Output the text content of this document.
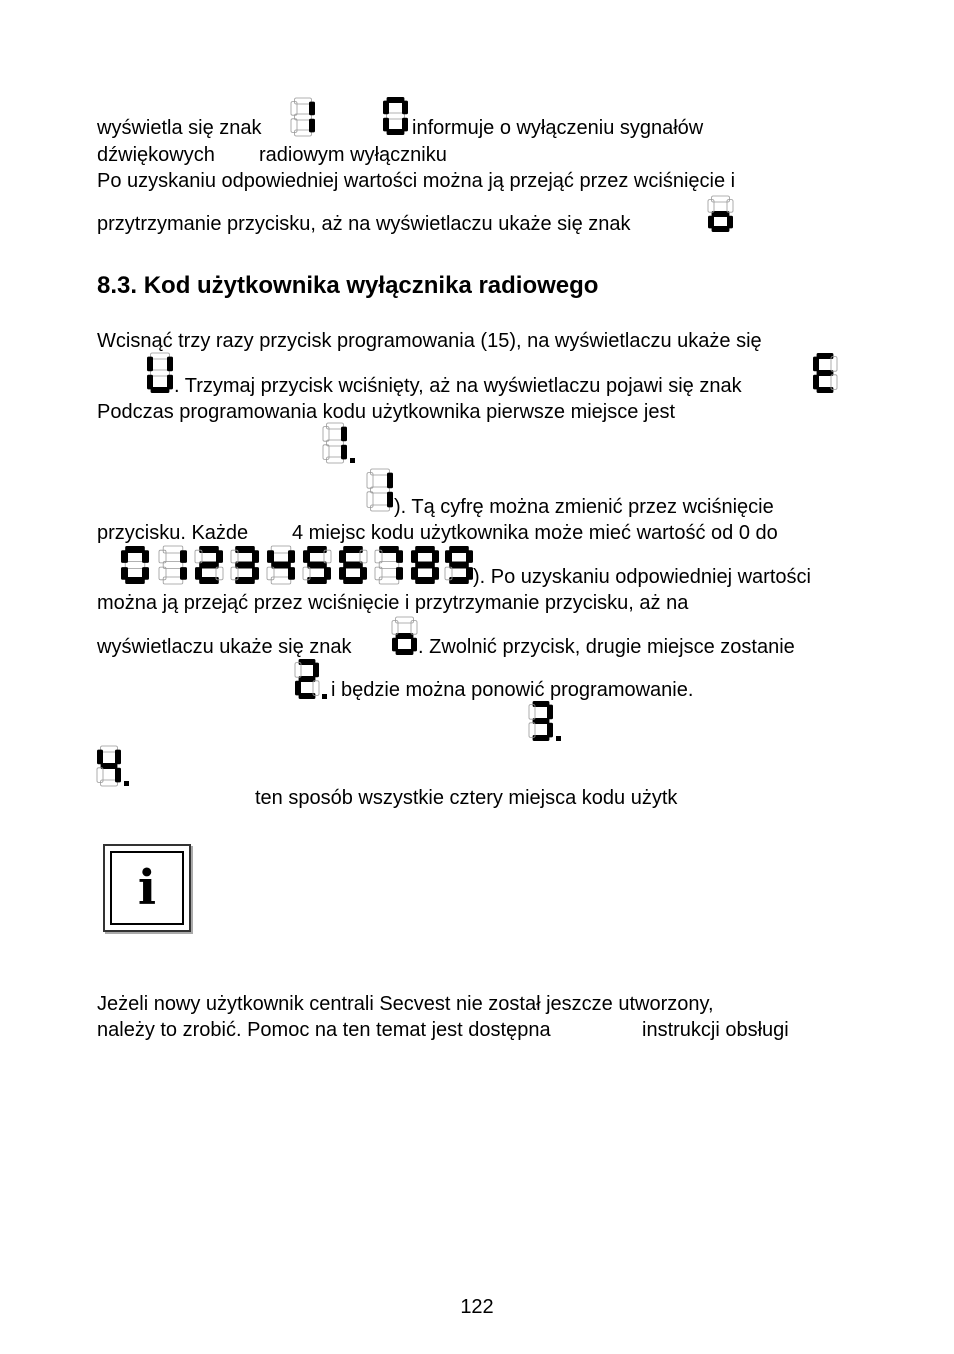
wyświetla się znak	informuje o wyłączeniu sygnałów
dźwiękowych radiowym wyłączniku
Po uzyskaniu odpowiedniej wartości można ją przejąć przez wciśnięcie i
przytrzymanie przycisku, aż na wyświetlaczu ukaże się znak
8.3. Kod użytkownika wyłącznika radiowego
Wcisnąć trzy razy przycisk programowania (15), na wyświetlaczu ukaże się
. Trzymaj przycisk wciśnięty, aż na wyświetlaczu pojawi się znak
Podczas programowania kodu użytkownika pierwsze miejsce jest
). Tą cyfrę można zmienić przez wciśnięcie
przycisku. Każde 4 miejsc kodu użytkownika może mieć wartość od 0 do
). Po uzyskaniu odpowiedniej wartości
można ją przejąć przez wciśnięcie i przytrzymanie przycisku, aż na
wyświetlaczu ukaże się znak	. Zwolnić przycisk, drugie miejsce zostanie
i będzie można ponowić programowanie.
ten sposób wszystkie cztery miejsca kodu użytk
i
Jeżeli nowy użytkownik centrali Secvest nie został jeszcze utworzony,
należy to zrobić. Pomoc na ten temat jest dostępna	instrukcji obsługi
122
